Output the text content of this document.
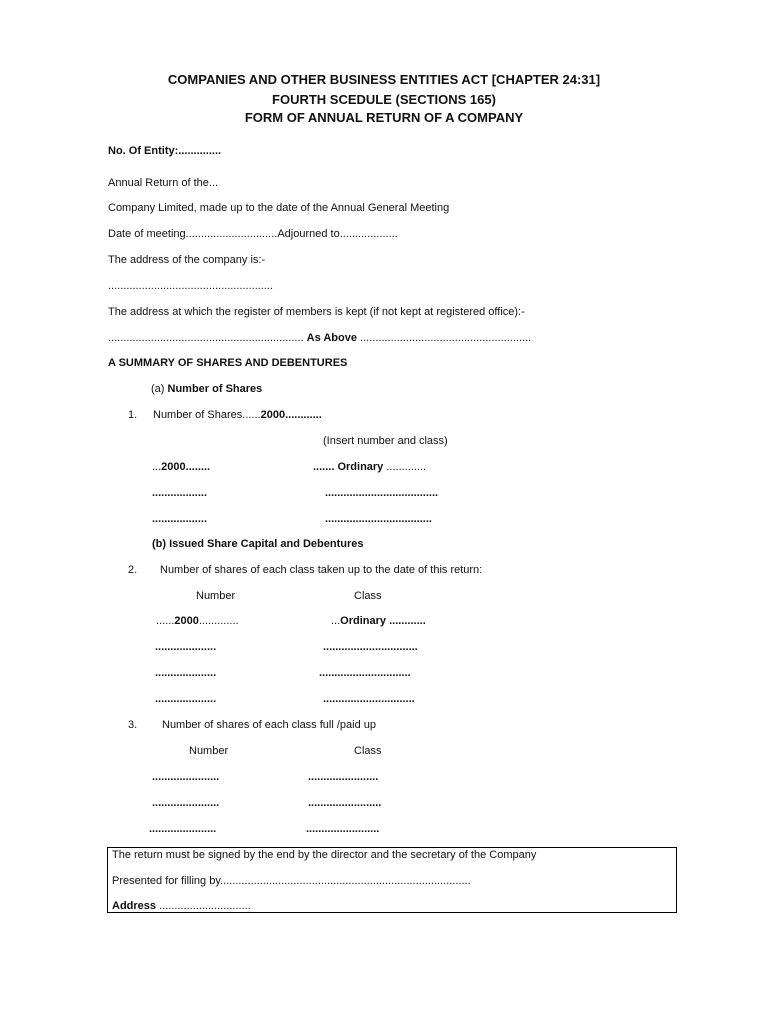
COMPANIES AND OTHER BUSINESS ENTITIES ACT [CHAPTER 24:31]
FOURTH SCEDULE (SECTIONS 165)
FORM OF ANNUAL RETURN OF A COMPANY
No. Of Entity:..............
Annual Return of the...
Company Limited, made up to the date of the Annual General Meeting
Date of meeting..............................Adjourned to...................
The address of the company is:-
......................................................
The address at which the register of members is kept (if not kept at registered office):-
................................................................ As Above ........................................................
A SUMMARY OF SHARES AND DEBENTURES
(a) Number of Shares
1. Number of Shares......2000............
(Insert number and class)
...2000........	....... Ordinary .............
..................	.....................................
..................	...................................
(b) Issued Share Capital and Debentures
2. Number of shares of each class taken up to the date of this return:
Number	Class
......2000.............	...Ordinary ............
....................	...............................
....................	..............................
....................	..............................
3. Number of shares of each class full /paid up
Number	Class
......................	.......................
......................	........................
......................	........................
The return must be signed by the end by the director and the secretary of the Company
Presented for filling by..................................................................................
Address ..............................
